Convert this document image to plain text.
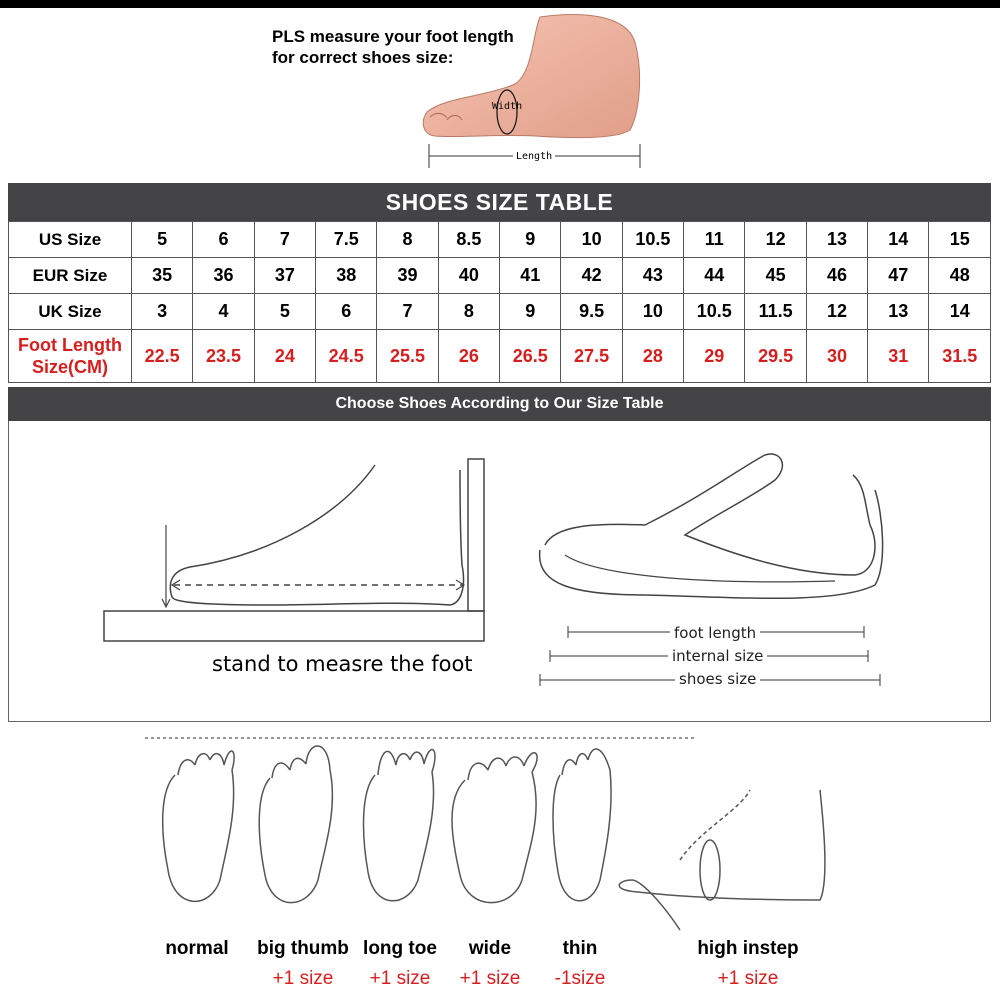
PLS measure your foot length for correct shoes size:
Length
Width
SHOES SIZE TABLE
US Size	5	6	7	7.5	8	8.5	9	10	10.5	11	12	13	14	15
EUR Size	35	36	37	38	39	40	41	42	43	44	45	46	47	48
UK Size	3	4	5	6	7	8	9	9.5	10	10.5	11.5	12	13	14
Foot Length Size(CM)	22.5	23.5	24	24.5	25.5	26	26.5	27.5	28	29	29.5	30	31	31.5
Choose Shoes According to Our Size Table
stand to measre the foot
foot length
internal size
shoes size
normal	big thumb
+1 size
long toe
+1 size
wide
+1 size
thin
-1size
high instep
+1 size
